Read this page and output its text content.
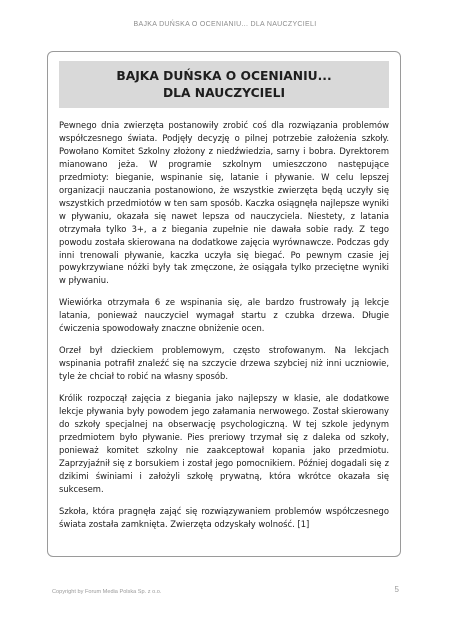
BAJKA DUŃSKA O OCENIANIU... DLA NAUCZYCIELI
BAJKA DUŃSKA O OCENIANIU...
DLA NAUCZYCIELI

Pewnego dnia zwierzęta postanowiły zrobić coś dla rozwiązania problemów współczesnego świata. Podjęły decyzję o pilnej potrzebie założenia szkoły. Powołano Komitet Szkolny złożony z niedźwiedzia, sarny i bobra. Dyrektorem mianowano jeża. W programie szkolnym umieszczono następujące przedmioty: bieganie, wspinanie się, latanie i pływanie. W celu lepszej organizacji nauczania postanowiono, że wszystkie zwierzęta będą uczyły się wszystkich przedmiotów w ten sam sposób. Kaczka osiągnęła najlepsze wyniki w pływaniu, okazała się nawet lepsza od nauczyciela. Niestety, z latania otrzymała tylko 3+, a z biegania zupełnie nie dawała sobie rady. Z tego powodu została skierowana na dodatkowe zajęcia wyrównawcze. Podczas gdy inni trenowali pływanie, kaczka uczyła się biegać. Po pewnym czasie jej powykrzywiane nóżki były tak zmęczone, że osiągała tylko przeciętne wyniki w pływaniu.

Wiewiórka otrzymała 6 ze wspinania się, ale bardzo frustrowały ją lekcje latania, ponieważ nauczyciel wymagał startu z czubka drzewa. Długie ćwiczenia spowodowały znaczne obniżenie ocen.

Orzeł był dzieckiem problemowym, często strofowanym. Na lekcjach wspinania potrafił znaleźć się na szczycie drzewa szybciej niż inni uczniowie, tyle że chciał to robić na własny sposób.

Królik rozpoczął zajęcia z biegania jako najlepszy w klasie, ale dodatkowe lekcje pływania były powodem jego załamania nerwowego. Został skierowany do szkoły specjalnej na obserwację psychologiczną. W tej szkole jedynym przedmiotem było pływanie. Pies preriowy trzymał się z daleka od szkoły, ponieważ komitet szkolny nie zaakceptował kopania jako przedmiotu. Zaprzyjaźnił się z borsukiem i został jego pomocnikiem. Później dogadali się z dzikimi świniami i założyli szkołę prywatną, która wkrótce okazała się sukcesem.

Szkoła, która pragnęła zająć się rozwiązywaniem problemów współczesnego świata została zamknięta. Zwierzęta odzyskały wolność. [1]

Copyright by Forum Media Polska Sp. z o.o.	5
